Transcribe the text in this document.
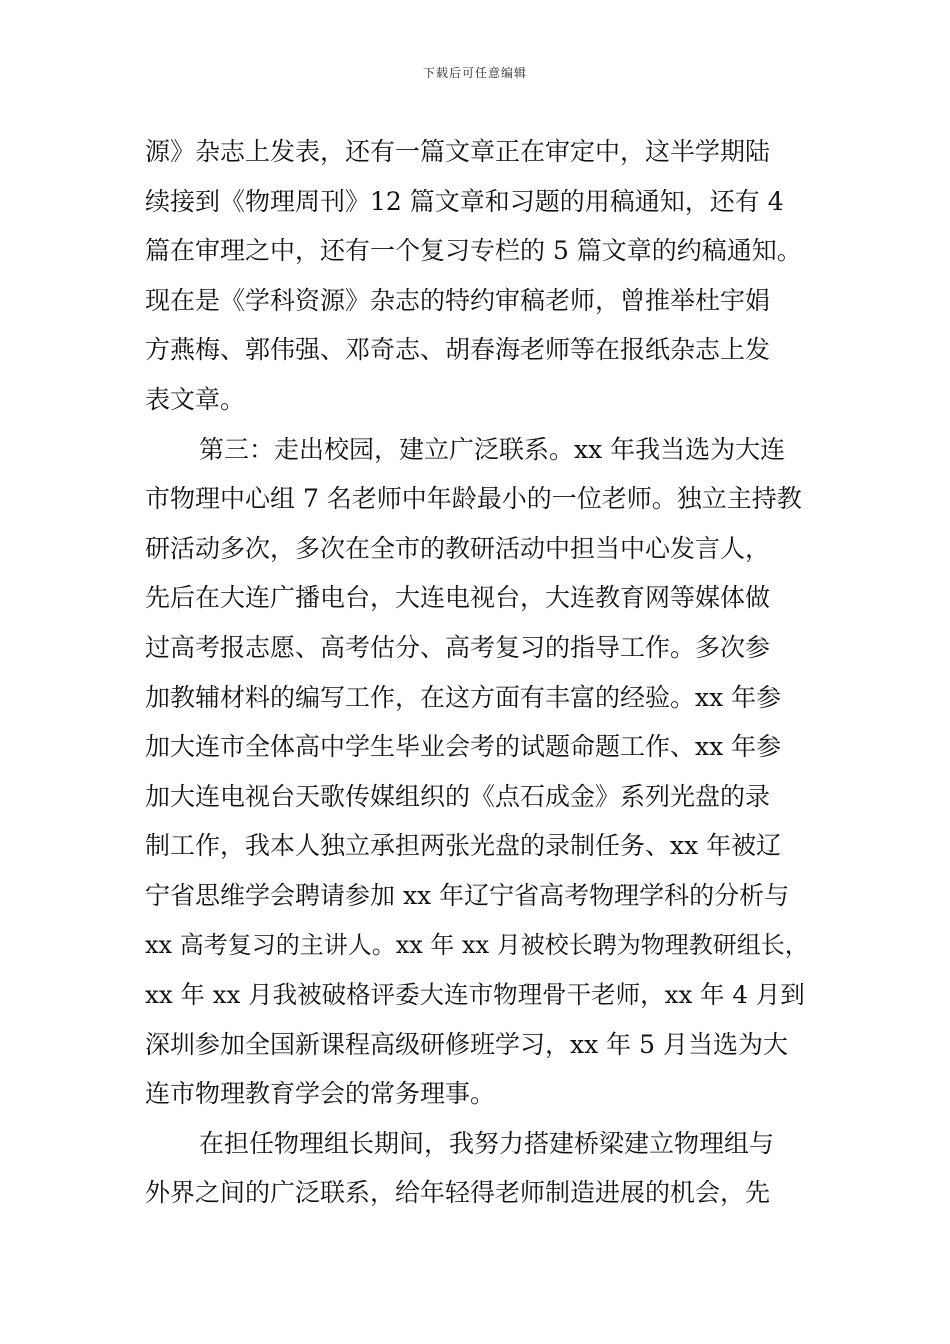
下载后可任意编辑
源》杂志上发表，还有一篇文章正在审定中，这半学期陆
续接到《物理周刊》12 篇文章和习题的用稿通知，还有 4
篇在审理之中，还有一个复习专栏的 5 篇文章的约稿通知。
现在是《学科资源》杂志的特约审稿老师，曾推举杜宇娟
方燕梅、郭伟强、邓奇志、胡春海老师等在报纸杂志上发
表文章。
第三：走出校园，建立广泛联系。xx 年我当选为大连
市物理中心组 7 名老师中年龄最小的一位老师。独立主持教
研活动多次，多次在全市的教研活动中担当中心发言人，
先后在大连广播电台，大连电视台，大连教育网等媒体做
过高考报志愿、高考估分、高考复习的指导工作。多次参
加教辅材料的编写工作，在这方面有丰富的经验。xx 年参
加大连市全体高中学生毕业会考的试题命题工作、xx 年参
加大连电视台天歌传媒组织的《点石成金》系列光盘的录
制工作，我本人独立承担两张光盘的录制任务、xx 年被辽
宁省思维学会聘请参加 xx 年辽宁省高考物理学科的分析与
xx 高考复习的主讲人。xx 年 xx 月被校长聘为物理教研组长，
xx 年 xx 月我被破格评委大连市物理骨干老师，xx 年 4 月到
深圳参加全国新课程高级研修班学习，xx 年 5 月当选为大
连市物理教育学会的常务理事。
在担任物理组长期间，我努力搭建桥梁建立物理组与
外界之间的广泛联系，给年轻得老师制造进展的机会，先
